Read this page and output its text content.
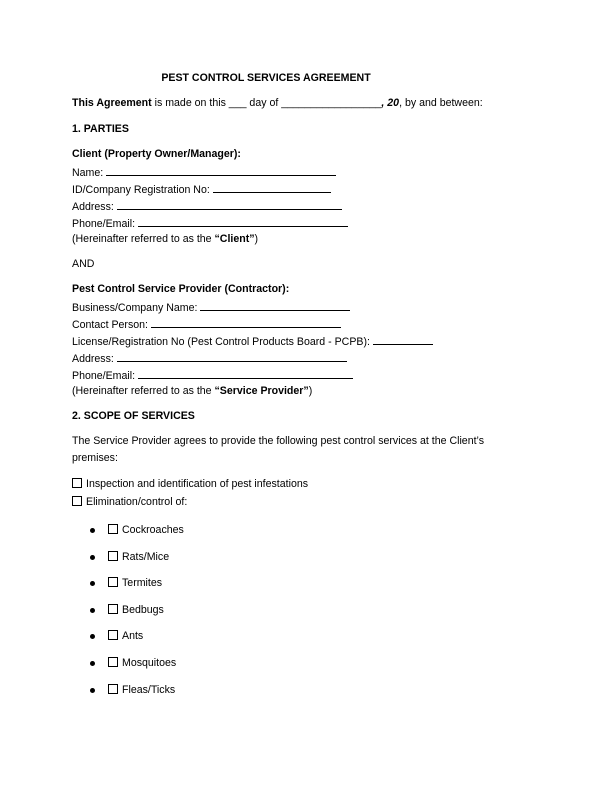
PEST CONTROL SERVICES AGREEMENT
This Agreement is made on this ___ day of _________________, 20, by and between:
1. PARTIES
Client (Property Owner/Manager):
Name:
ID/Company Registration No:
Address:
Phone/Email:
(Hereinafter referred to as the “Client”)
AND
Pest Control Service Provider (Contractor):
Business/Company Name:
Contact Person:
License/Registration No (Pest Control Products Board - PCPB):
Address:
Phone/Email:
(Hereinafter referred to as the “Service Provider”)
2. SCOPE OF SERVICES
The Service Provider agrees to provide the following pest control services at the Client’s
premises:
Inspection and identification of pest infestations
Elimination/control of:
Cockroaches
Rats/Mice
Termites
Bedbugs
Ants
Mosquitoes
Fleas/Ticks
